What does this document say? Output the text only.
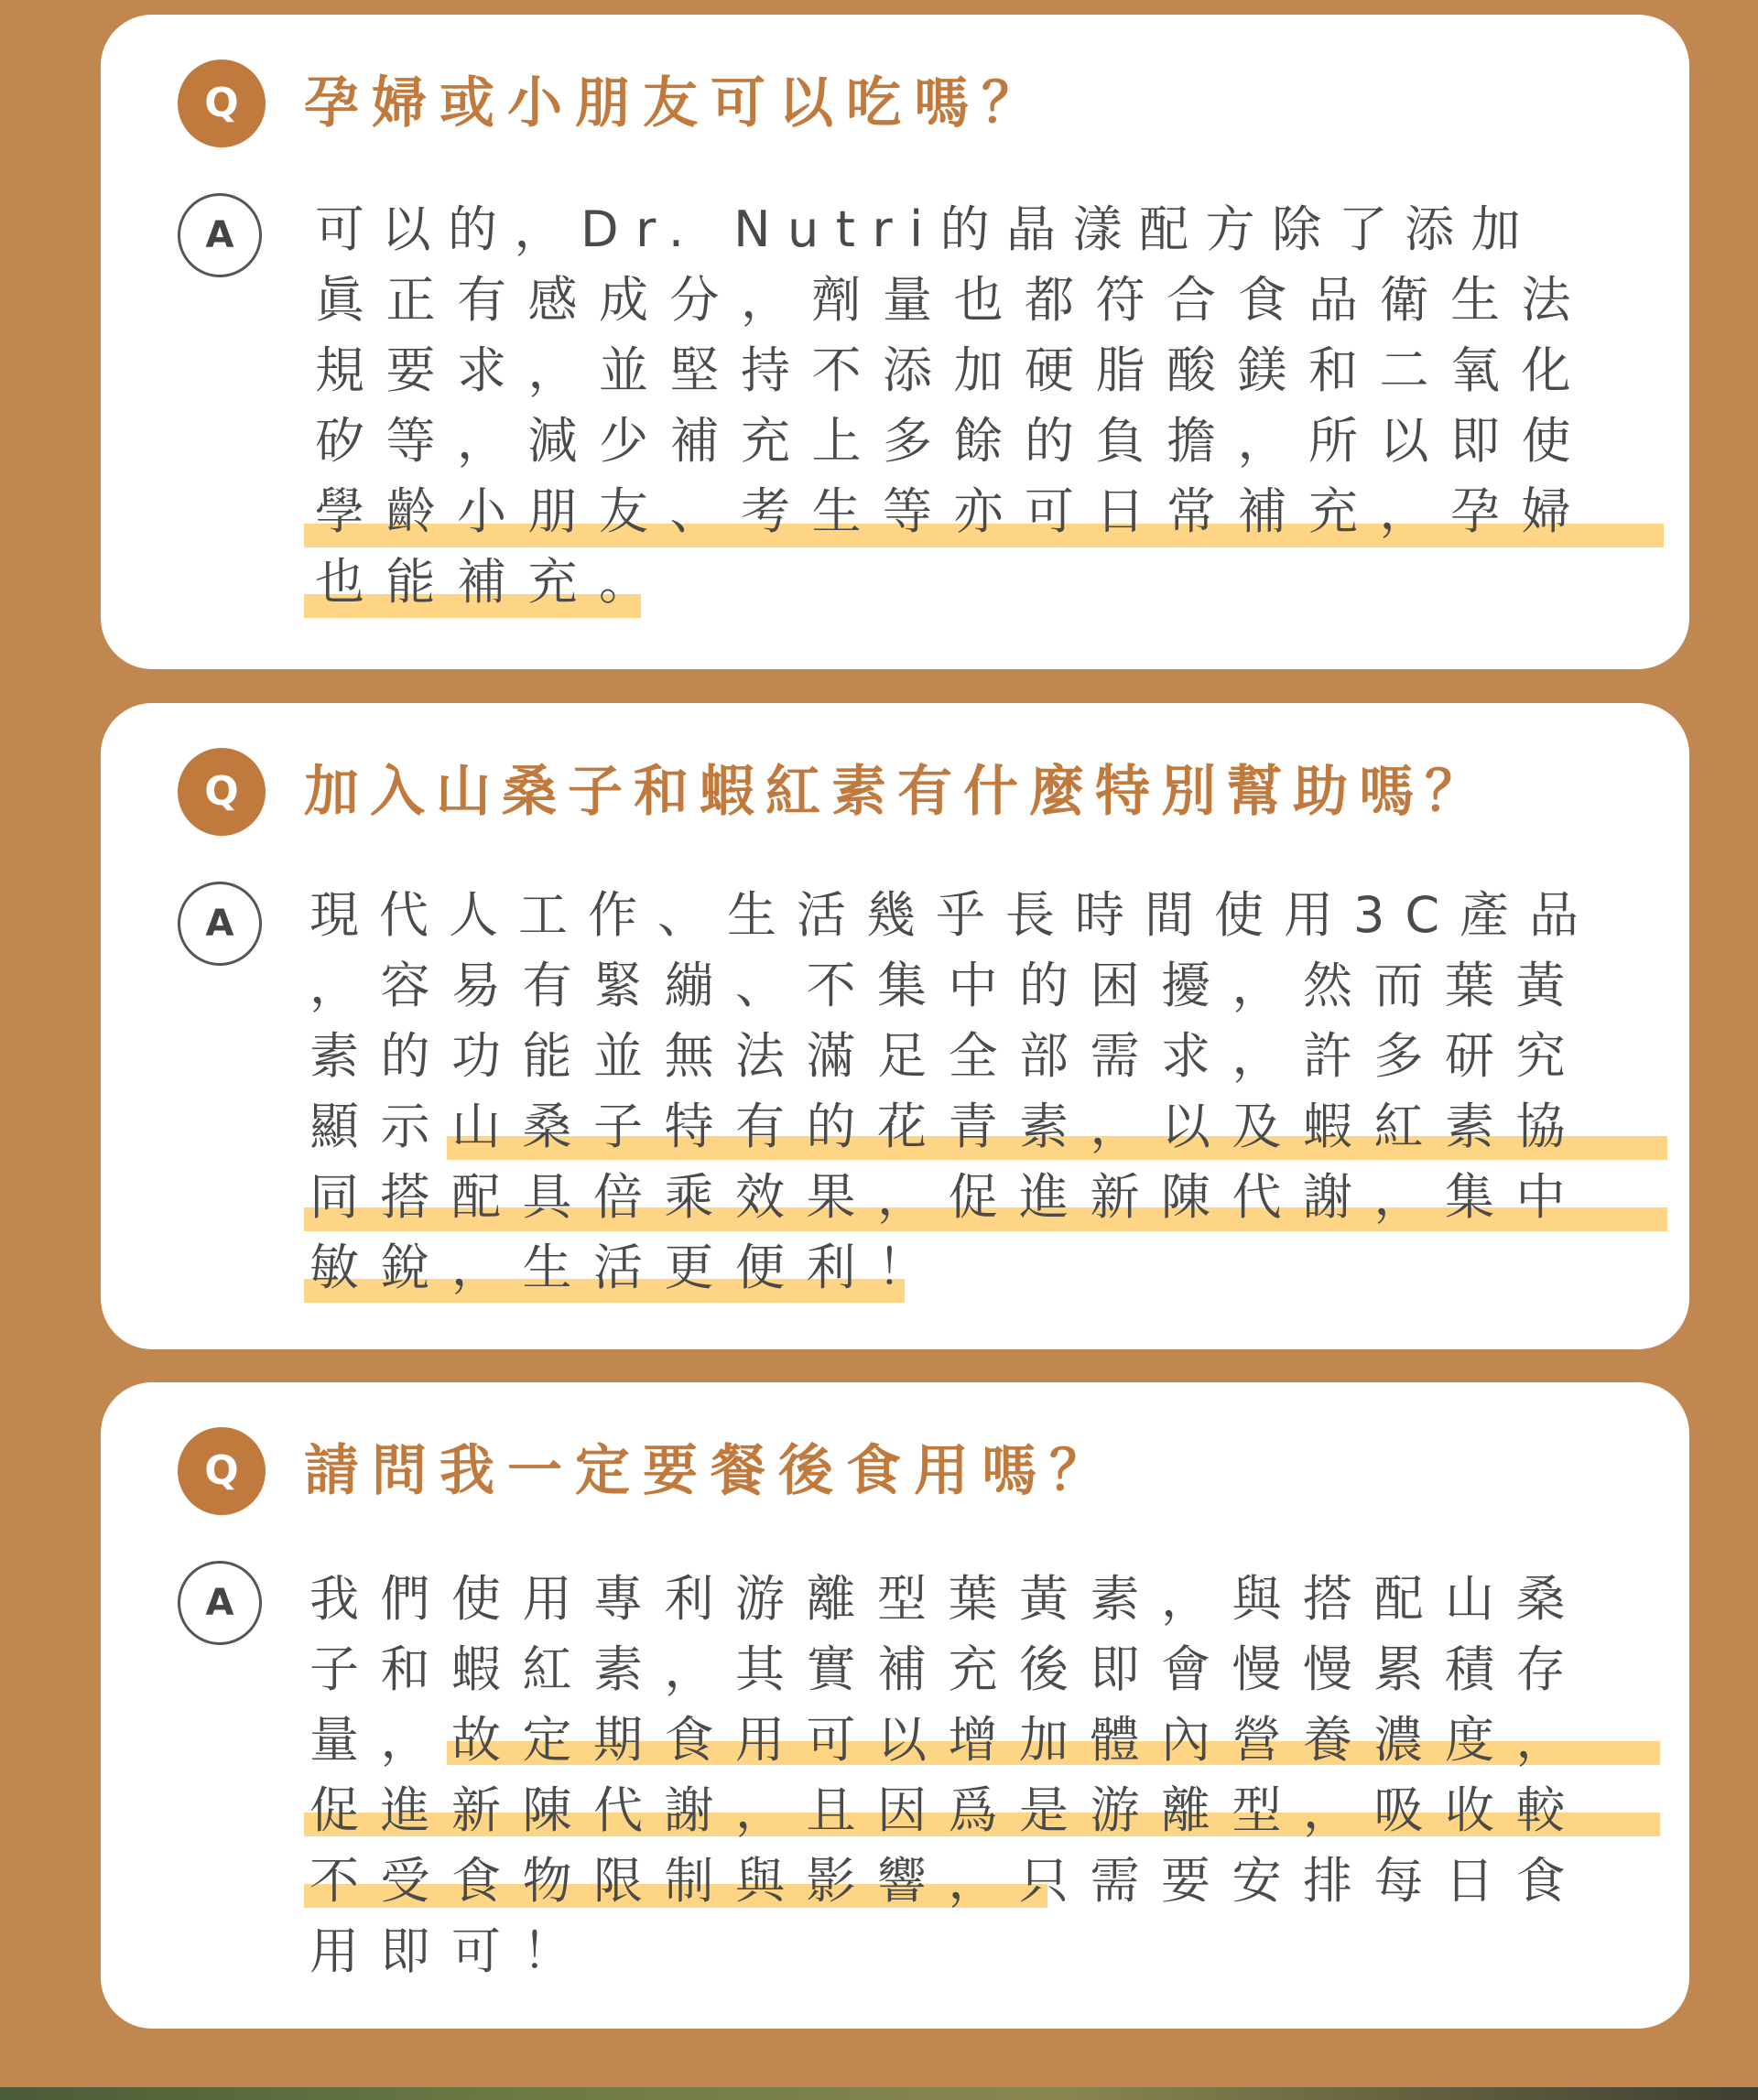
Q	孕婦或小朋友可以吃嗎？
A	可以的，Dr. Nutri的晶漾配方除了添加
眞正有感成分，劑量也都符合食品衛生法
規要求，並堅持不添加硬脂酸鎂和二氧化
矽等，減少補充上多餘的負擔，所以即使
學齡小朋友、考生等亦可日常補充，孕婦
也能補充。
Q	加入山桑子和蝦紅素有什麼特別幫助嗎？
A	現代人工作、生活幾乎長時間使用3C產品
，容易有緊繃、不集中的困擾，然而葉黃
素的功能並無法滿足全部需求，許多研究
顯示山桑子特有的花青素，以及蝦紅素協
同搭配具倍乘效果，促進新陳代謝，集中
敏銳，生活更便利！
Q	請問我一定要餐後食用嗎？
A	我們使用專利游離型葉黃素，與搭配山桑
子和蝦紅素，其實補充後即會慢慢累積存
量，故定期食用可以增加體內營養濃度，
促進新陳代謝，且因爲是游離型，吸收較
不受食物限制與影響，只需要安排每日食
用即可！
